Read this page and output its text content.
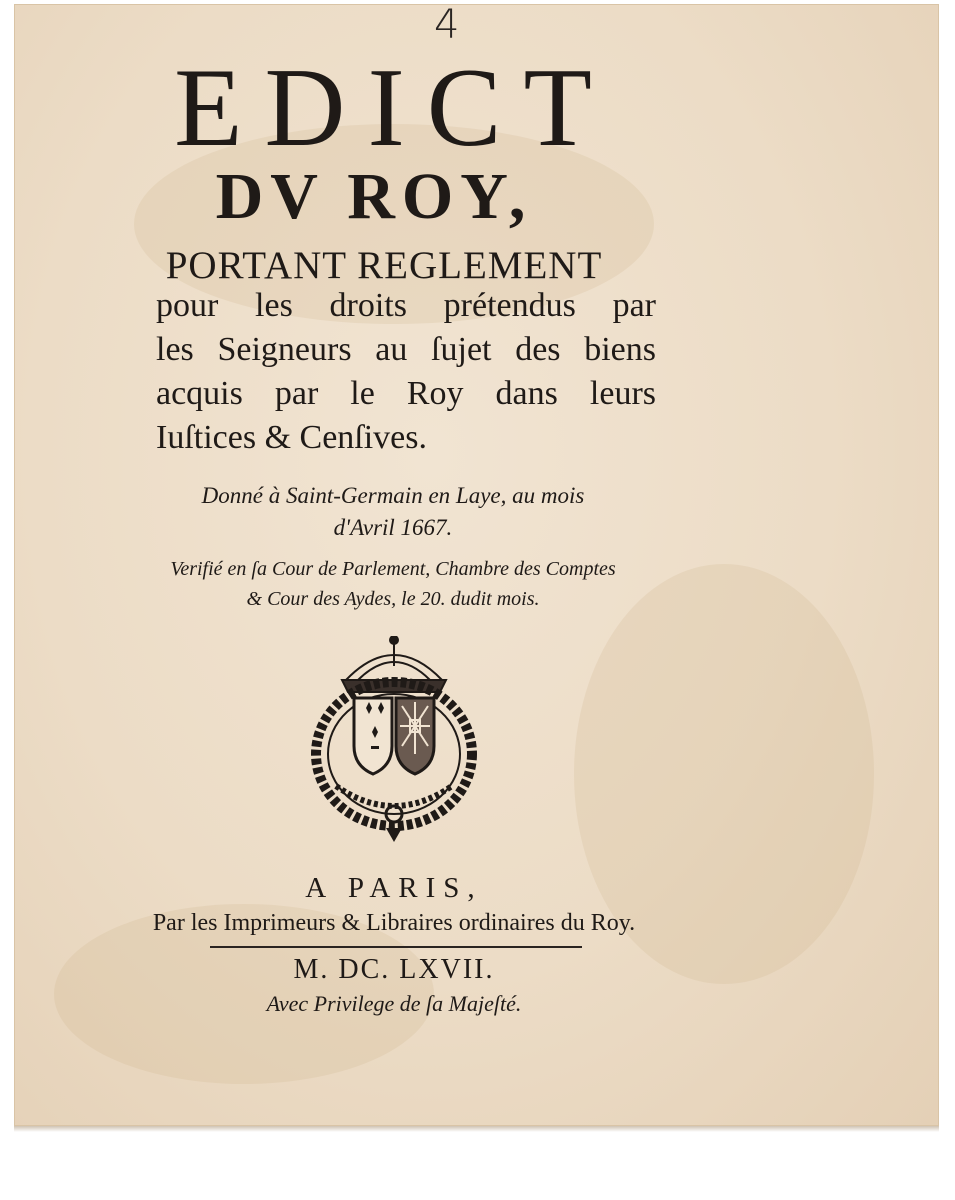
4
EDICT
DV ROY,
PORTANT REGLEMENT
pour les droits prétendus par
les Seigneurs au ſujet des biens
acquis par le Roy dans leurs
Iuſtices & Cenſives.
Donné à Saint-Germain en Laye, au mois
d'Avril 1667.
Verifié en ſa Cour de Parlement, Chambre des Comptes
& Cour des Aydes, le 20. dudit mois.
A PARIS,
Par les Imprimeurs & Libraires ordinaires du Roy.
M. DC. LXVII.
Avec Privilege de ſa Majeſté.
